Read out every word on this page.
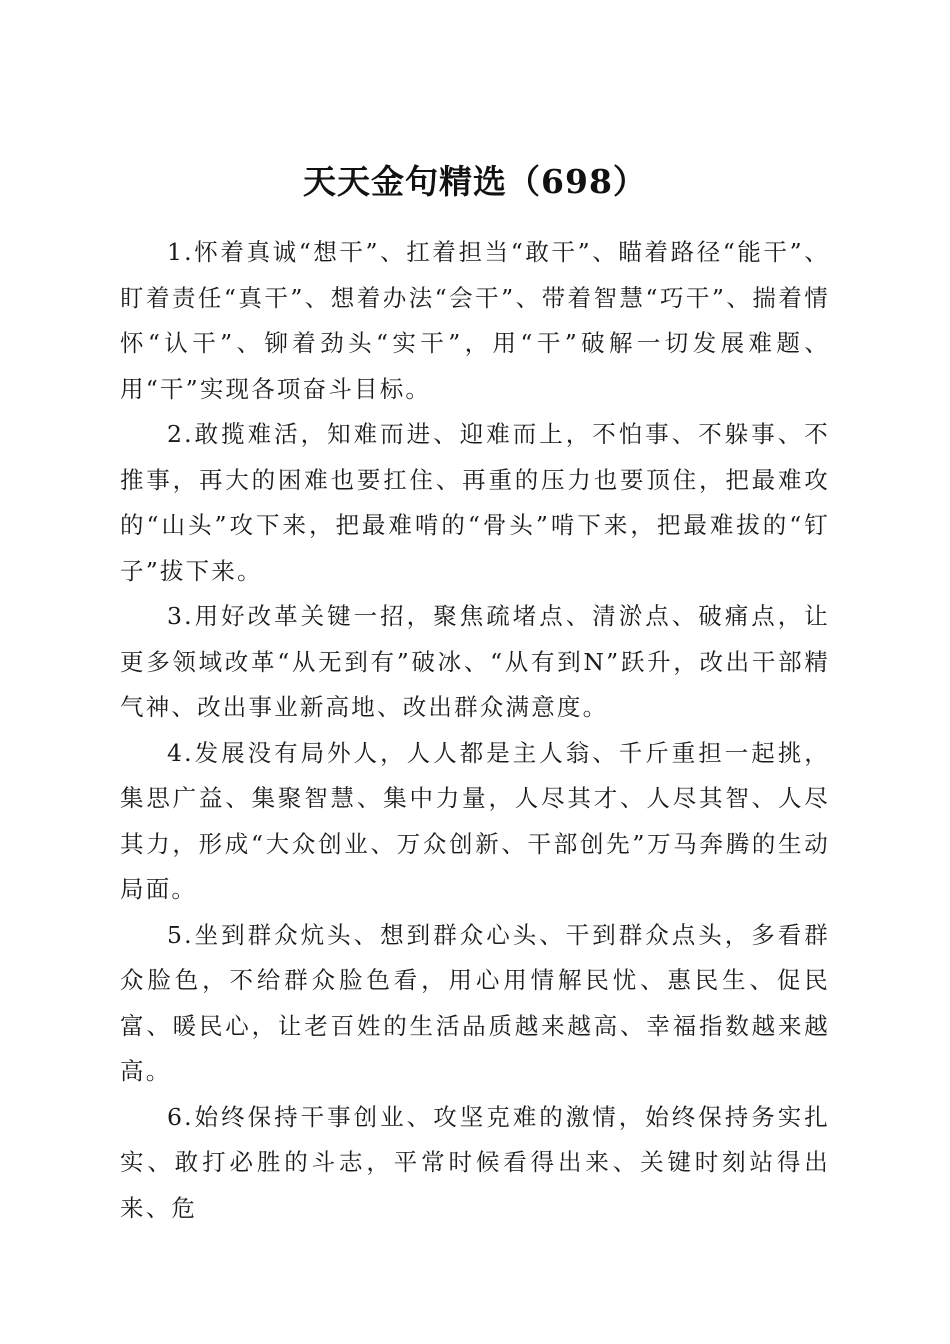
天天金句精选（698）

1.怀着真诚“想干”、扛着担当“敢干”、瞄着路径“能干”、盯着责任“真干”、想着办法“会干”、带着智慧“巧干”、揣着情怀“认干”、铆着劲头“实干”，用“干”破解一切发展难题、用“干”实现各项奋斗目标。

2.敢揽难活，知难而进、迎难而上，不怕事、不躲事、不推事，再大的困难也要扛住、再重的压力也要顶住，把最难攻的“山头”攻下来，把最难啃的“骨头”啃下来，把最难拔的“钉子”拔下来。

3.用好改革关键一招，聚焦疏堵点、清淤点、破痛点，让更多领域改革“从无到有”破冰、“从有到N”跃升，改出干部精气神、改出事业新高地、改出群众满意度。

4.发展没有局外人，人人都是主人翁、千斤重担一起挑，集思广益、集聚智慧、集中力量，人尽其才、人尽其智、人尽其力，形成“大众创业、万众创新、干部创先”万马奔腾的生动局面。

5.坐到群众炕头、想到群众心头、干到群众点头，多看群众脸色，不给群众脸色看，用心用情解民忧、惠民生、促民富、暖民心，让老百姓的生活品质越来越高、幸福指数越来越高。

6.始终保持干事创业、攻坚克难的激情，始终保持务实扎实、敢打必胜的斗志，平常时候看得出来、关键时刻站得出来、危
